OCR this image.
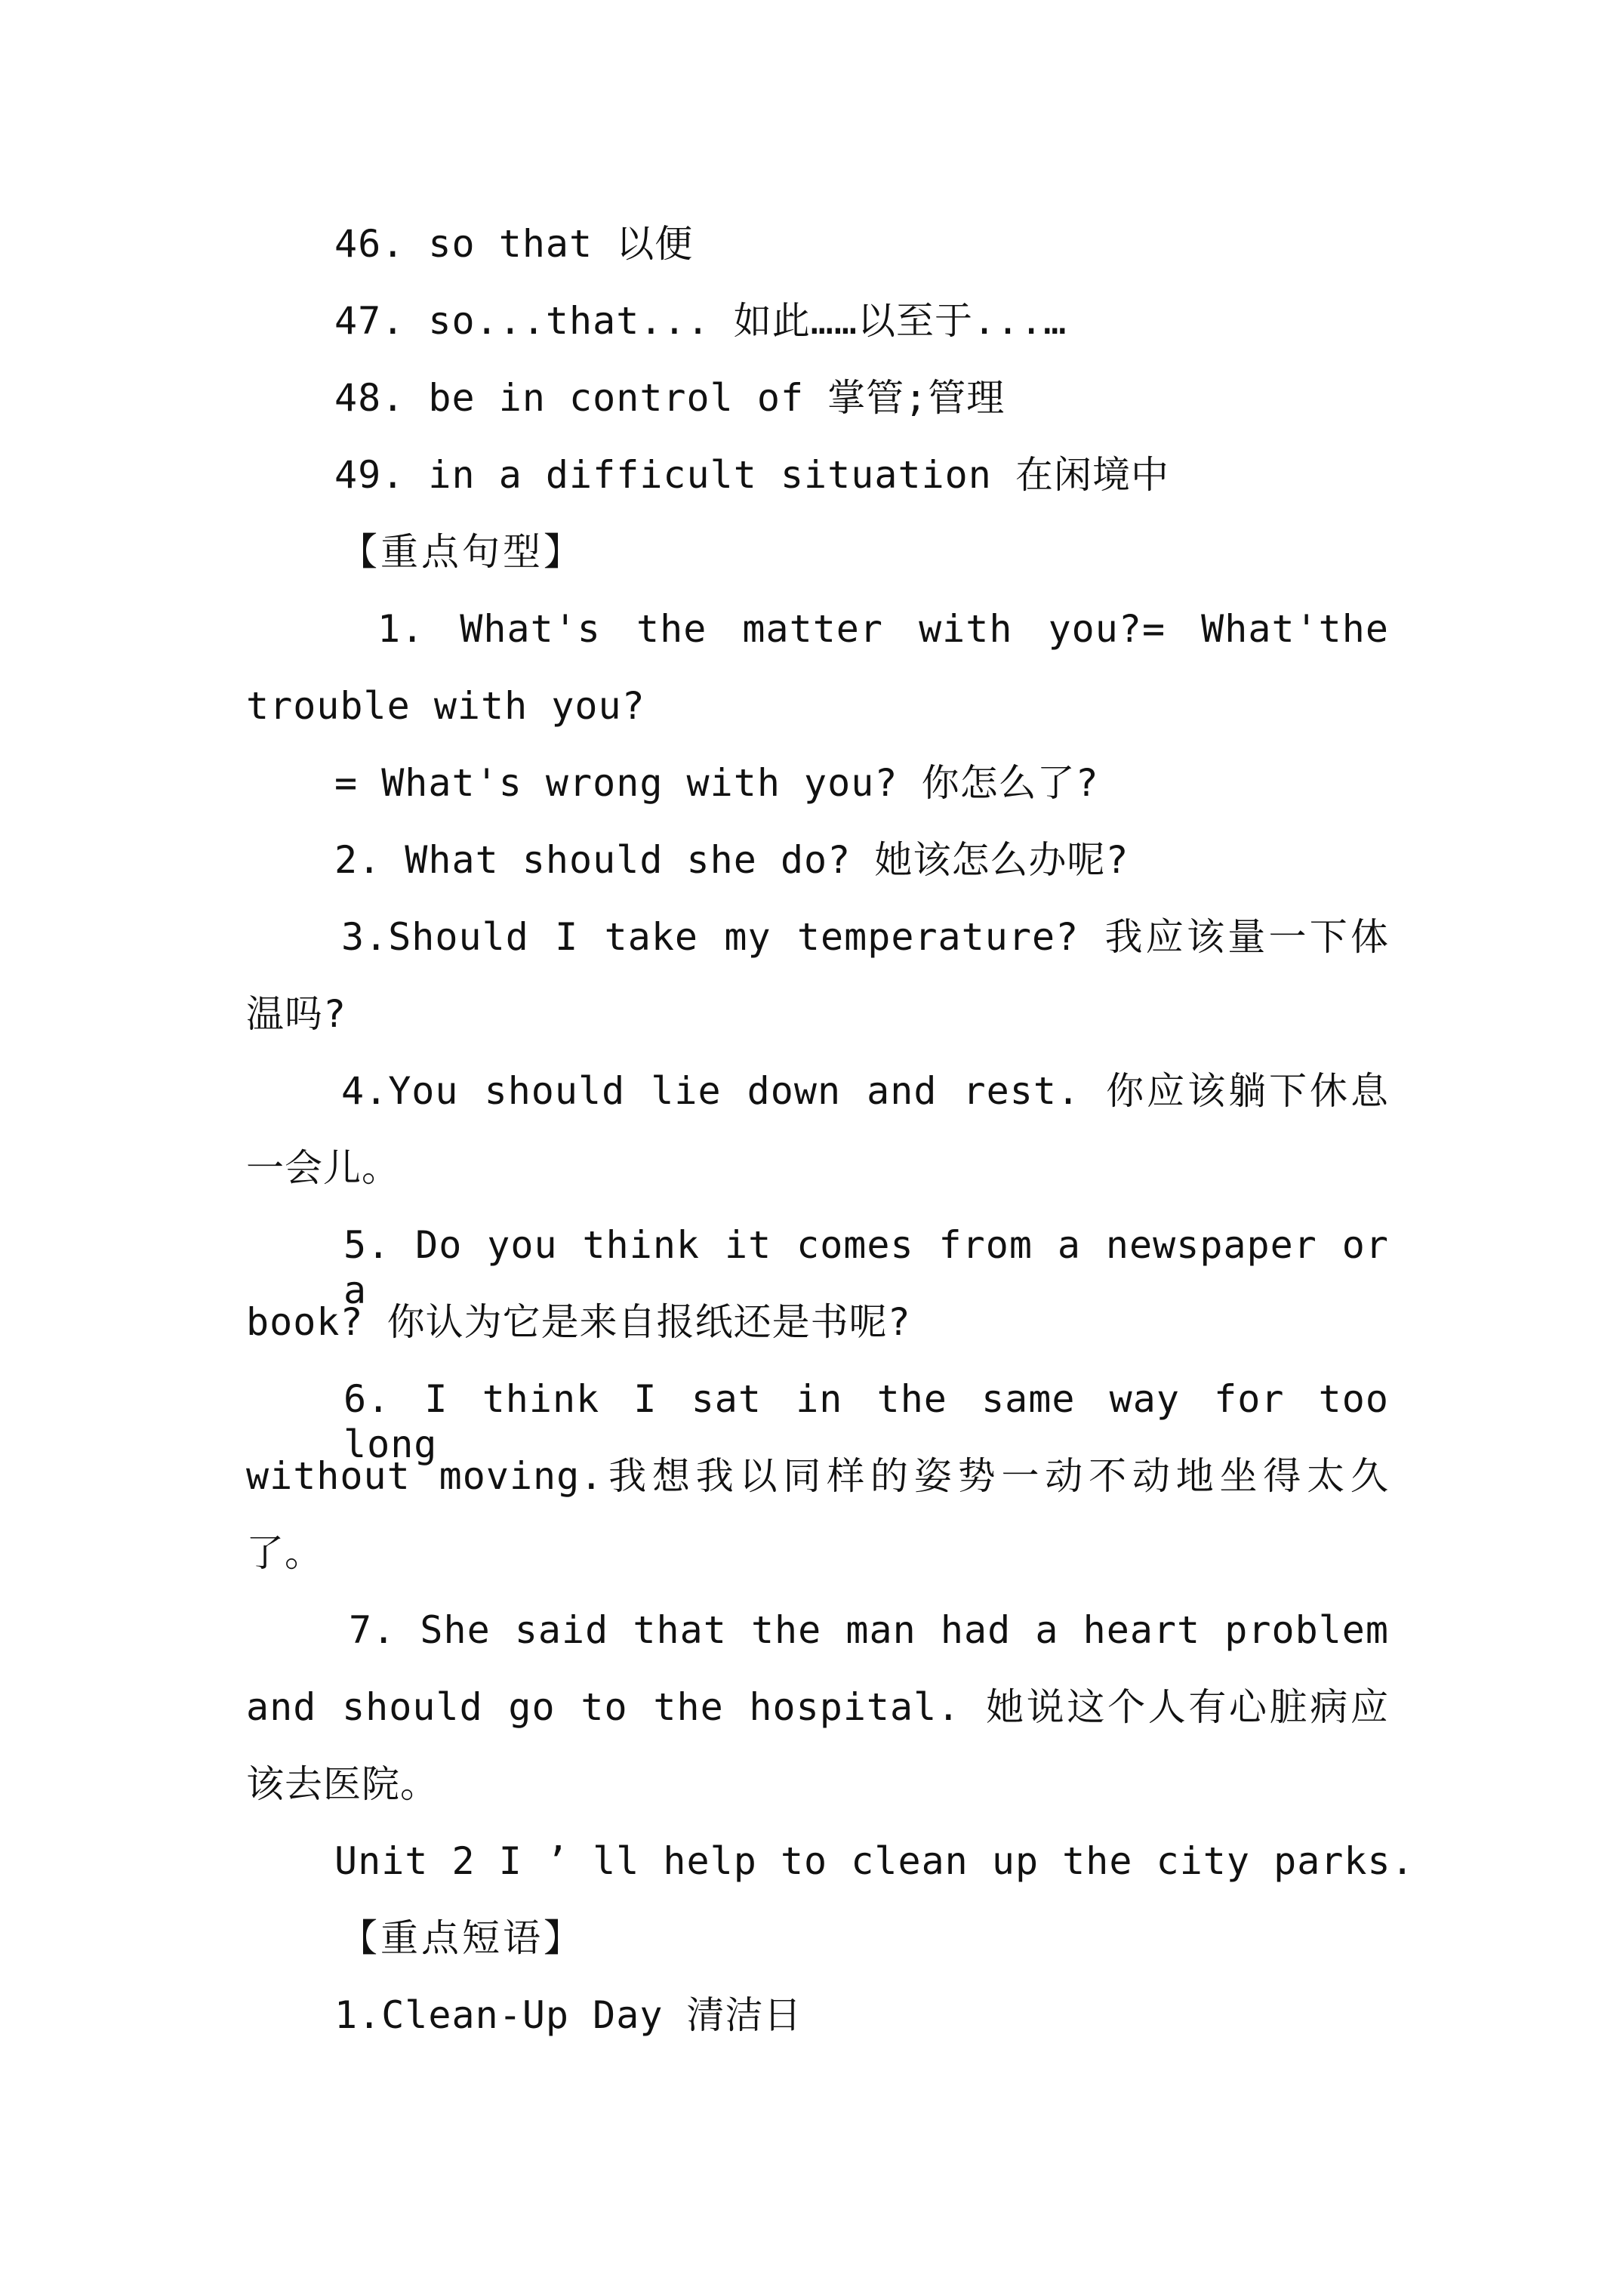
46. so that 以便
47. so...that... 如此……以至于...…
48. be in control of 掌管;管理
49. in a difficult situation 在闲境中
【重点句型】
1. What's the matter with you?= What'the
trouble with you?
= What's wrong with you? 你怎么了?
2. What should she do? 她该怎么办呢?
3.Should I take my temperature? 我应该量一下体
温吗?
4.You should lie down and rest. 你应该躺下休息
一会儿。
5. Do you think it comes from a newspaper or a
book? 你认为它是来自报纸还是书呢?
6. I think I sat in the same way for too long
without moving.我想我以同样的姿势一动不动地坐得太久
了。
7. She said that the man had a heart problem
and should go to the hospital. 她说这个人有心脏病应
该去医院。
Unit 2 I ’ ll help to clean up the city parks.
【重点短语】
1.Clean-Up Day 清洁日
